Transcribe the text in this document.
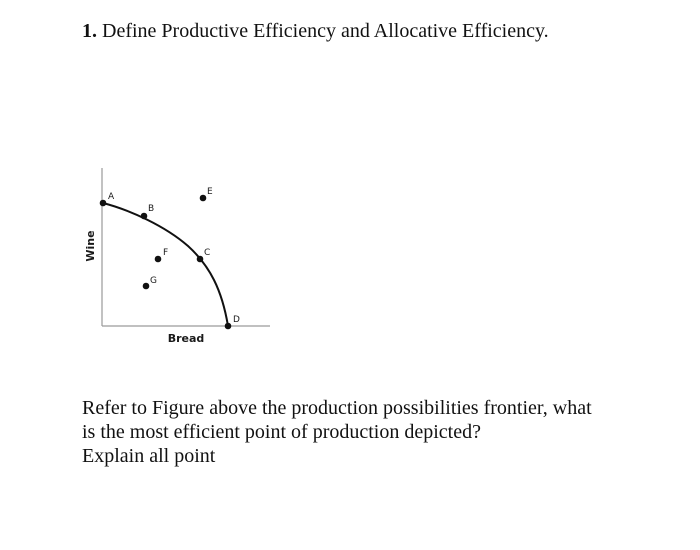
1. Define Productive Efficiency and Allocative Efficiency.
A
B
C
D
E
F
G
Wine
Bread
Refer to Figure above the production possibilities frontier, what
is the most efficient point of production depicted?
Explain all point
